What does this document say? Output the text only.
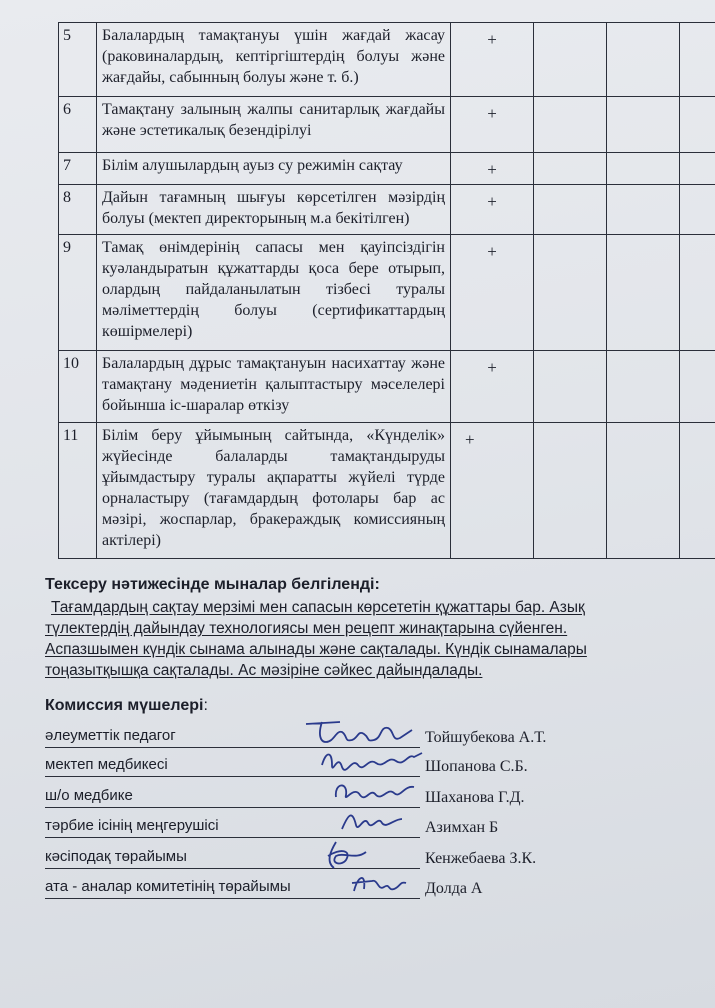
5	Балалардың тамақтануы үшін жағдай жасау (раковиналардың, кептіргіштердің болуы және жағдайы, сабынның болуы және т. б.)	+			
6	Тамақтану залының жалпы санитарлық жағдайы және эстетикалық безендірілуі	+			
7	Білім алушылардың ауыз су режимін сақтау	+			
8	Дайын тағамның шығуы көрсетілген мәзірдің болуы (мектеп директорының м.а бекітілген)	+			
9	Тамақ өнімдерінің сапасы мен қауіпсіздігін куәландыратын құжаттарды қоса бере отырып, олардың пайдаланылатын тізбесі туралы мәліметтердің болуы (сертификаттардың көшірмелері)	+			
10	Балалардың дұрыс тамақтануын насихаттау және тамақтану мәдениетін қалыптастыру мәселелері бойынша іс-шаралар өткізу	+			
11	Білім беру ұйымының сайтында, «Күнделік» жүйесінде балаларды тамақтандыруды ұйымдастыру туралы ақпаратты жүйелі түрде орналастыру (тағамдардың фотолары бар ас мәзірі, жоспарлар, бракераждық комиссияның актілері)	+			
Тексеру нәтижесінде мыналар белгіленді:
Тағамдардың сақтау мерзімі мен сапасын көрсететін құжаттары бар. Азық
түлектердің дайындау технологиясы мен рецепт жинақтарына сүйенген.
Аспазшымен күндік сынама алынады және сақталады. Күндік сынамалары
тоңазытқышқа сақталады. Ас мәзіріне сәйкес дайындалады.
Комиссия мүшелері:
әлеуметтік педагог	Тойшубекова А.Т.
мектеп медбикесі	Шопанова С.Б.
ш/о медбике	Шаханова Г.Д.
тәрбие ісінің меңгерушісі	Азимхан Б
кәсіподақ төрайымы	Кенжебаева З.К.
ата - аналар комитетінің төрайымы	Долда А
